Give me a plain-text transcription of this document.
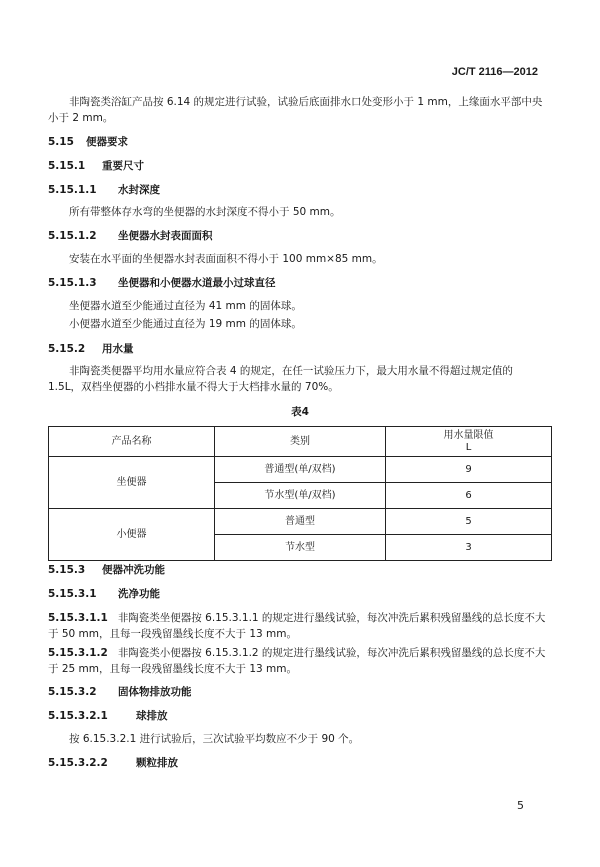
JC/T 2116—2012

非陶瓷类浴缸产品按 6.14 的规定进行试验，试验后底面排水口处变形小于 1 mm，上缘面水平部中央小于 2 mm。

5.15 便器要求
5.15.1 重要尺寸
5.15.1.1 水封深度
所有带整体存水弯的坐便器的水封深度不得小于 50 mm。
5.15.1.2 坐便器水封表面面积
安装在水平面的坐便器水封表面面积不得小于 100 mm×85 mm。
5.15.1.3 坐便器和小便器水道最小过球直径
坐便器水道至少能通过直径为 41 mm 的固体球。
小便器水道至少能通过直径为 19 mm 的固体球。
5.15.2 用水量

非陶瓷类便器平均用水量应符合表 4 的规定，在任一试验压力下，最大用水量不得超过规定值的 1.5L，双档坐便器的小档排水量不得大于大档排水量的 70%。

表4
产品名称	类别	用水量限值
L

坐便器	普通型(单/双档)	9
	节水型(单/双档)	6
小便器	普通型	5
	节水型	3
5.15.3 便器冲洗功能
5.15.3.1 洗净功能
5.15.3.1.1 非陶瓷类坐便器按 6.15.3.1.1 的规定进行墨线试验，每次冲洗后累积残留墨线的总长度不大于 50 mm，且每一段残留墨线长度不大于 13 mm。
5.15.3.1.2 非陶瓷类小便器按 6.15.3.1.2 的规定进行墨线试验，每次冲洗后累积残留墨线的总长度不大于 25 mm，且每一段残留墨线长度不大于 13 mm。
5.15.3.2 固体物排放功能
5.15.3.2.1	球排放
按 6.15.3.2.1 进行试验后，三次试验平均数应不少于 90 个。
5.15.3.2.2	颗粒排放
5
